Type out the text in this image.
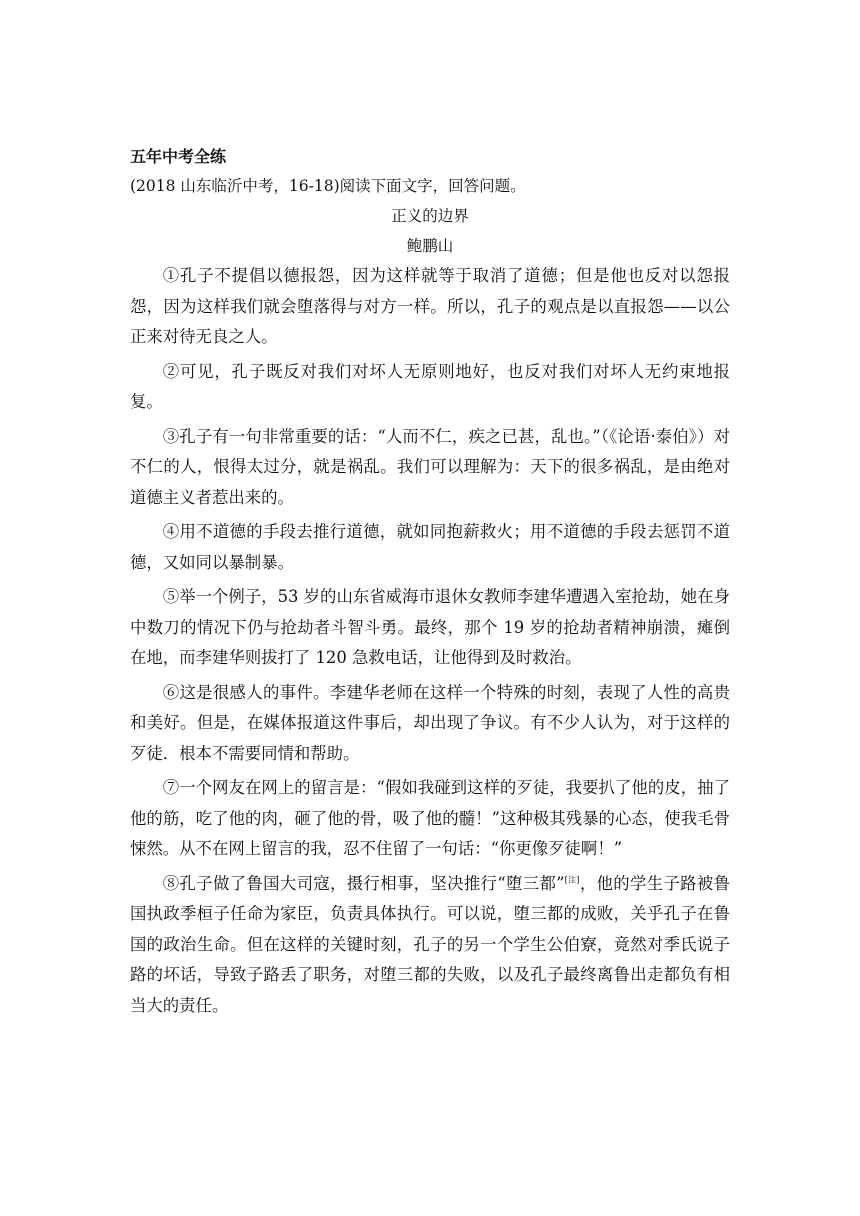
五年中考全练

(2018 山东临沂中考，16-18)阅读下面文字，回答问题。

正义的边界

鲍鹏山

①孔子不提倡以德报怨，因为这样就等于取消了道德；但是他也反对以怨报怨，因为这样我们就会堕落得与对方一样。所以，孔子的观点是以直报怨——以公正来对待无良之人。

②可见，孔子既反对我们对坏人无原则地好，也反对我们对坏人无约束地报复。

③孔子有一句非常重要的话：“人而不仁，疾之已甚，乱也。”（《论语·泰伯》）对不仁的人，恨得太过分，就是祸乱。我们可以理解为：天下的很多祸乱，是由绝对道德主义者惹出来的。

④用不道德的手段去推行道德，就如同抱薪救火；用不道德的手段去惩罚不道德，又如同以暴制暴。

⑤举一个例子，53 岁的山东省威海市退休女教师李建华遭遇入室抢劫，她在身中数刀的情况下仍与抢劫者斗智斗勇。最终，那个 19 岁的抢劫者精神崩溃，瘫倒在地，而李建华则拔打了 120 急救电话，让他得到及时救治。

⑥这是很感人的事件。李建华老师在这样一个特殊的时刻，表现了人性的高贵和美好。但是，在媒体报道这件事后，却出现了争议。有不少人认为，对于这样的歹徒．根本不需要同情和帮助。

⑦一个网友在网上的留言是：“假如我碰到这样的歹徒，我要扒了他的皮，抽了他的筋，吃了他的肉，砸了他的骨，吸了他的髓！”这种极其残暴的心态，使我毛骨悚然。从不在网上留言的我，忍不住留了一句话：“你更像歹徒啊！”

⑧孔子做了鲁国大司寇，摄行相事，坚决推行“堕三都”[注]，他的学生子路被鲁国执政季桓子任命为家臣，负责具体执行。可以说，堕三都的成败，关乎孔子在鲁国的政治生命。但在这样的关键时刻，孔子的另一个学生公伯寮，竟然对季氏说子路的坏话，导致子路丢了职务，对堕三都的失败，以及孔子最终离鲁出走都负有相当大的责任。
